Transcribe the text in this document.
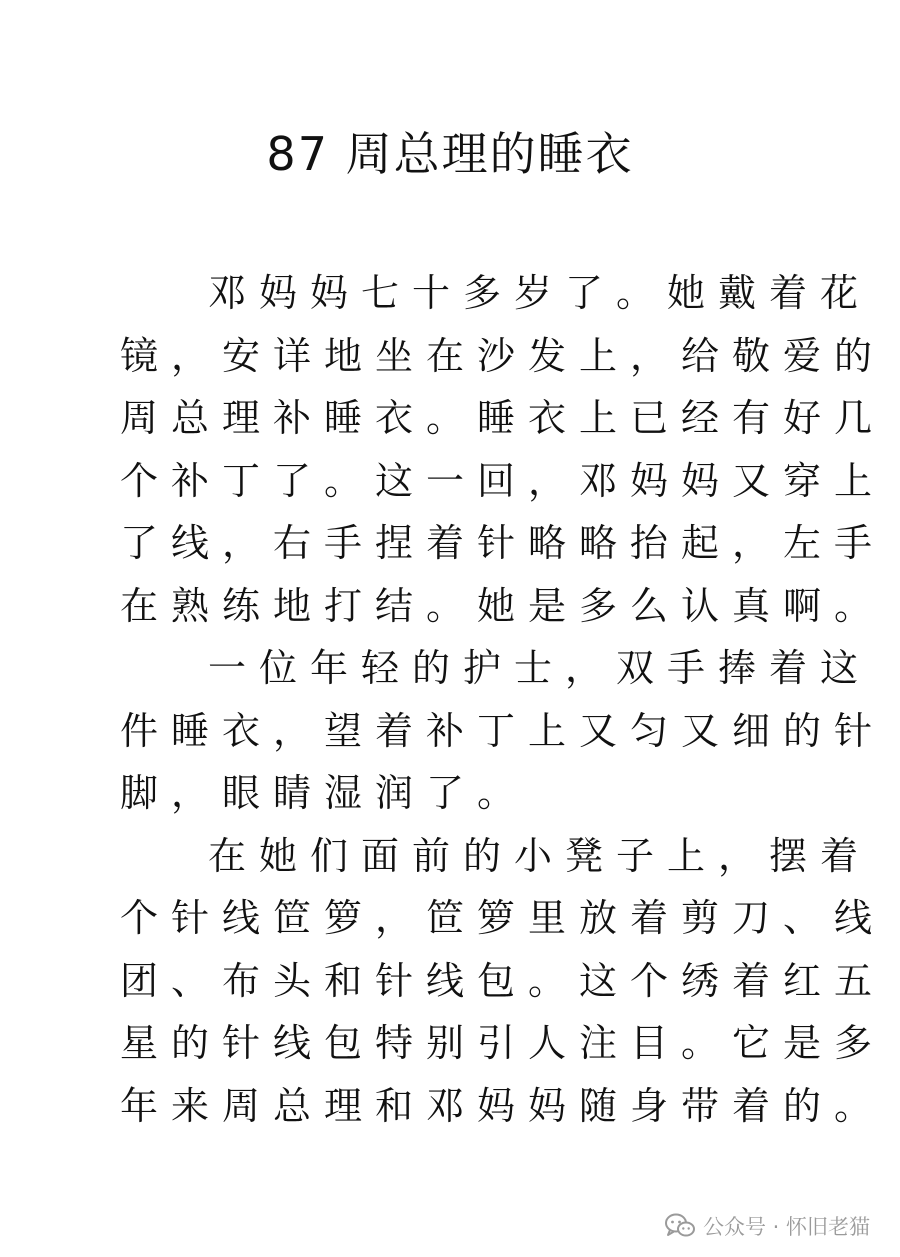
87 周总理的睡衣
邓妈妈七十多岁了。她戴着花
镜，安详地坐在沙发上，给敬爱的
周总理补睡衣。睡衣上已经有好几
个补丁了。这一回，邓妈妈又穿上
了线，右手捏着针略略抬起，左手
在熟练地打结。她是多么认真啊。
一位年轻的护士，双手捧着这
件睡衣，望着补丁上又匀又细的针
脚，眼睛湿润了。
在她们面前的小凳子上，摆着
个针线笸箩，笸箩里放着剪刀、线
团、布头和针线包。这个绣着红五
星的针线包特别引人注目。它是多
年来周总理和邓妈妈随身带着的。
公众号 · 怀旧老猫
